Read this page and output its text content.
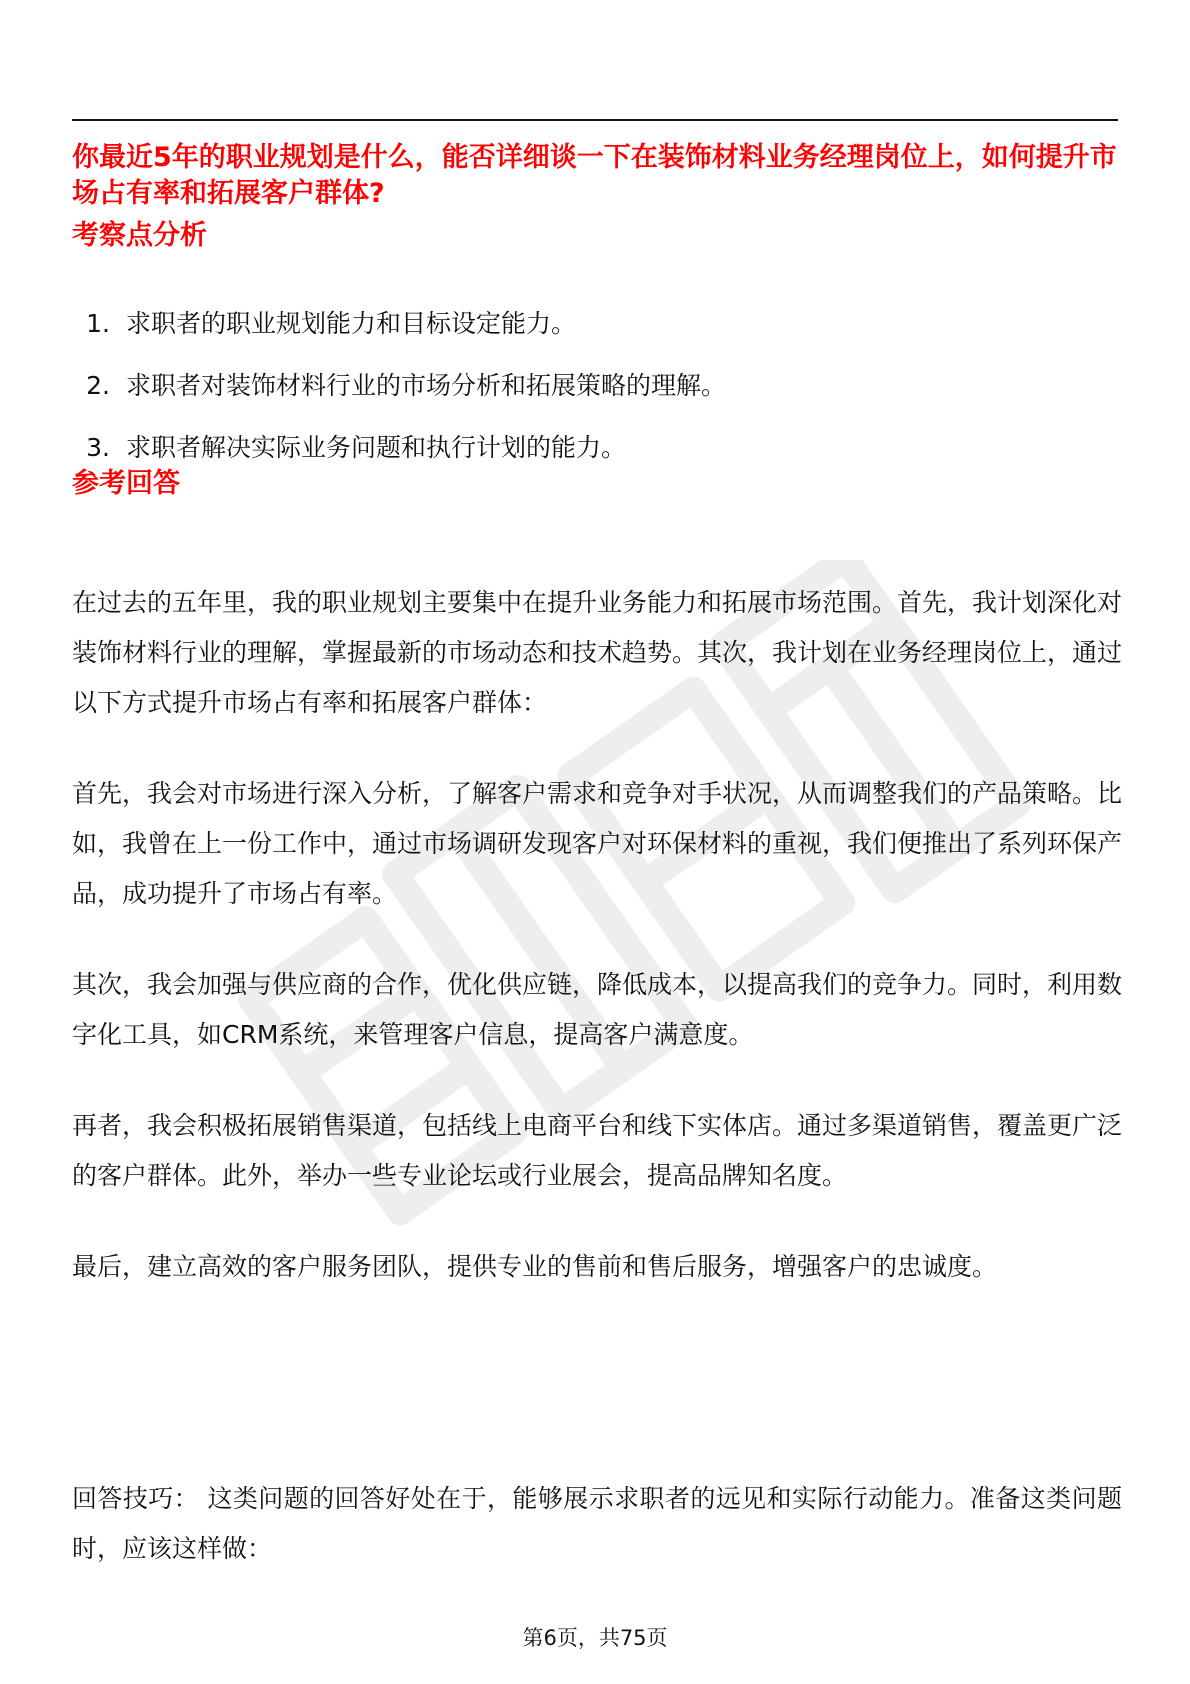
你最近5年的职业规划是什么，能否详细谈一下在装饰材料业务经理岗位上，如何提升市场占有率和拓展客户群体?
考察点分析
1. 求职者的职业规划能力和目标设定能力。
2. 求职者对装饰材料行业的市场分析和拓展策略的理解。
3. 求职者解决实际业务问题和执行计划的能力。
参考回答

在过去的五年里，我的职业规划主要集中在提升业务能力和拓展市场范围。首先，我计划深化对装饰材料行业的理解，掌握最新的市场动态和技术趋势。其次，我计划在业务经理岗位上，通过以下方式提升市场占有率和拓展客户群体：

首先，我会对市场进行深入分析，了解客户需求和竞争对手状况，从而调整我们的产品策略。比如，我曾在上一份工作中，通过市场调研发现客户对环保材料的重视，我们便推出了系列环保产品，成功提升了市场占有率。

其次，我会加强与供应商的合作，优化供应链，降低成本，以提高我们的竞争力。同时，利用数字化工具，如CRM系统，来管理客户信息，提高客户满意度。

再者，我会积极拓展销售渠道，包括线上电商平台和线下实体店。通过多渠道销售，覆盖更广泛的客户群体。此外，举办一些专业论坛或行业展会，提高品牌知名度。

最后，建立高效的客户服务团队，提供专业的售前和售后服务，增强客户的忠诚度。

回答技巧： 这类问题的回答好处在于，能够展示求职者的远见和实际行动能力。准备这类问题时，应该这样做：

第6页，共75页
